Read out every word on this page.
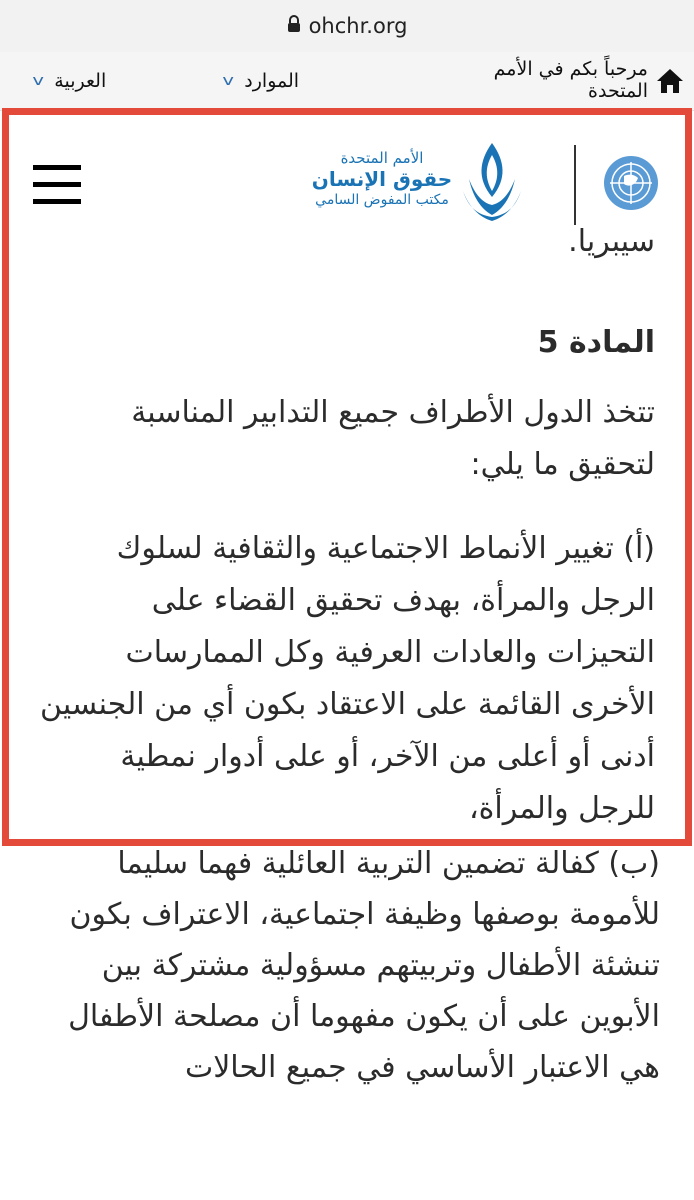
ohchr.org
العربية
v	الموارد
v
مرحباً بكم في الأمم المتحدة
الأمم المتحدة
حقوق الإنسان
مكتب المفوض السامي
سيبريا.
المادة 5

تتخذ الدول الأطراف جميع التدابير المناسبة لتحقيق ما يلي:

(أ) تغيير الأنماط الاجتماعية والثقافية لسلوك الرجل والمرأة، بهدف تحقيق القضاء على التحيزات والعادات العرفية وكل الممارسات الأخرى القائمة على الاعتقاد بكون أي من الجنسين أدنى أو أعلى من الآخر، أو على أدوار نمطية للرجل والمرأة،

(ب) كفالة تضمين التربية العائلية فهما سليما للأمومة بوصفها وظيفة اجتماعية، الاعتراف بكون تنشئة الأطفال وتربيتهم مسؤولية مشتركة بين الأبوين على أن يكون مفهوما أن مصلحة الأطفال هي الاعتبار الأساسي في جميع الحالات
